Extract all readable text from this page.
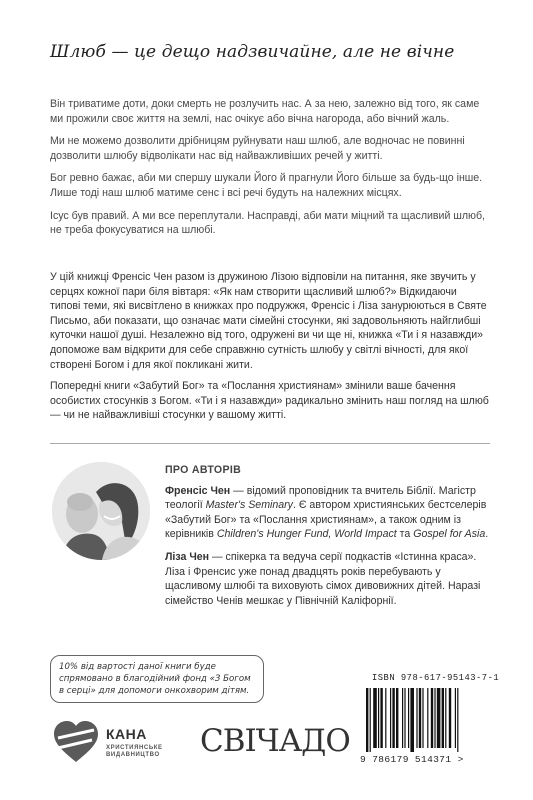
Шлюб — це дещо надзвичайне, але не вічне

Він триватиме доти, доки смерть не розлучить нас. А за нею, залежно від того, як саме ми прожили своє життя на землі, нас очікує або вічна нагорода, або вічний жаль.

Ми не можемо дозволити дрібницям руйнувати наш шлюб, але водночас не повинні дозволити шлюбу відволікати нас від найважливіших речей у житті.

Бог ревно бажає, аби ми спершу шукали Його й прагнули Його більше за будь-що інше. Лише тоді наш шлюб матиме сенс і всі речі будуть на належних місцях.

Ісус був правий. А ми все переплутали. Насправді, аби мати міцний та щасливий шлюб, не треба фокусуватися на шлюбі.

У цій книжці Френсіс Чен разом із дружиною Лізою відповіли на питання, яке звучить у серцях кожної пари біля вівтаря: «Як нам створити щасливий шлюб?» Відкидаючи типові теми, які висвітлено в книжках про подружжя, Френсіс і Ліза занурюються в Святе Письмо, аби показати, що означає мати сімейні стосунки, які задовольняють найглибші куточки нашої душі. Незалежно від того, одружені ви чи ще ні, книжка «Ти і я назавжди» допоможе вам відкрити для себе справжню сутність шлюбу у світлі вічності, для якої створені Богом і для якої покликані жити.

Попередні книги «Забутий Бог» та «Послання християнам» змінили ваше бачення особистих стосунків з Богом. «Ти і я назавжди» радикально змінить наш погляд на шлюб — чи не найважливіші стосунки у вашому житті.

ПРО АВТОРІВ

Френсіс Чен — відомий проповідник та вчитель Біблії. Магістр теології Master's Seminary. Є автором християнських бестселерів «Забутий Бог» та «Послання християнам», а також одним із керівників Children's Hunger Fund, World Impact та Gospel for Asia.

Ліза Чен — спікерка та ведуча серії подкастів «Істинна краса». Ліза і Френсис уже понад двадцять років перебувають у щасливому шлюбі та виховують сімох дивовижних дітей. Наразі сімейство Ченів мешкає у Північній Каліфорнії.

10% від вартості даної книги буде спрямовано в благодійний фонд «З Богом в серці» для допомоги онкохворим дітям.
КАНА
ХРИСТИЯНСЬКЕ
ВИДАВНИЦТВО СВІЧАДО
ISBN 978-617-95143-7-1
9 786179 514371 >
